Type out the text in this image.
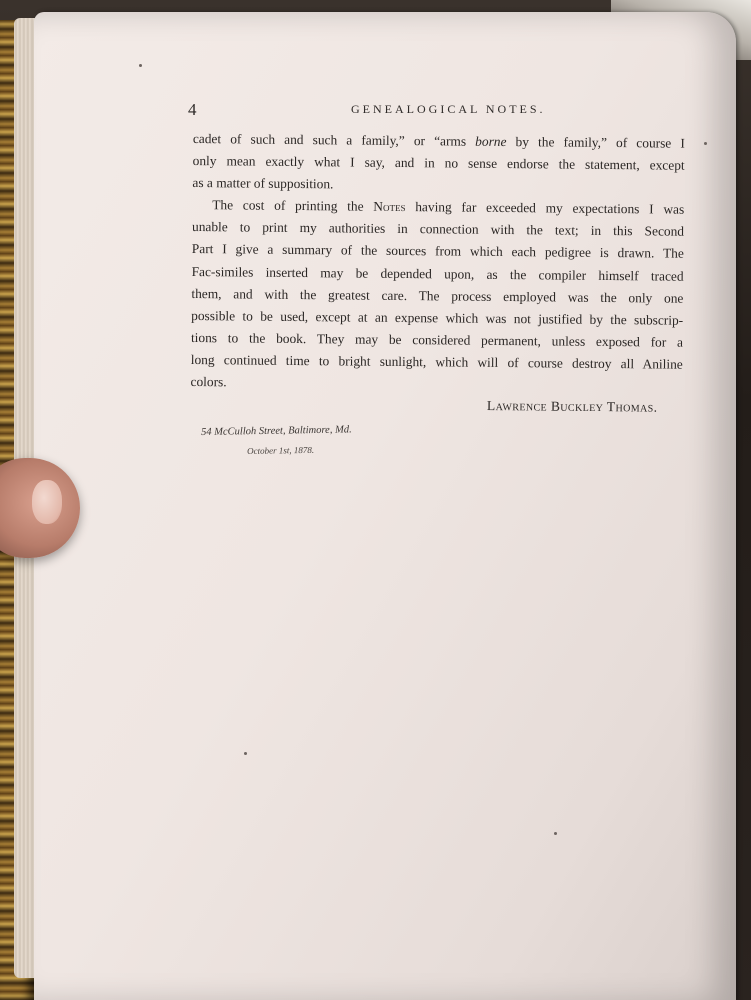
4	GENEALOGICAL NOTES.
cadet of such and such a family,” or “arms borne by the family,” of course I
only mean exactly what I say, and in no sense endorse the statement, except
as a matter of supposition.
The cost of printing the Notes having far exceeded my expectations I was
unable to print my authorities in connection with the text; in this Second
Part I give a summary of the sources from which each pedigree is drawn. The
Fac-similes inserted may be depended upon, as the compiler himself traced
them, and with the greatest care. The process employed was the only one
possible to be used, except at an expense which was not justified by the subscrip-
tions to the book. They may be considered permanent, unless exposed for a
long continued time to bright sunlight, which will of course destroy all Aniline
colors.
Lawrence Buckley Thomas.
54 McCulloh Street, Baltimore, Md.
October 1st, 1878.
